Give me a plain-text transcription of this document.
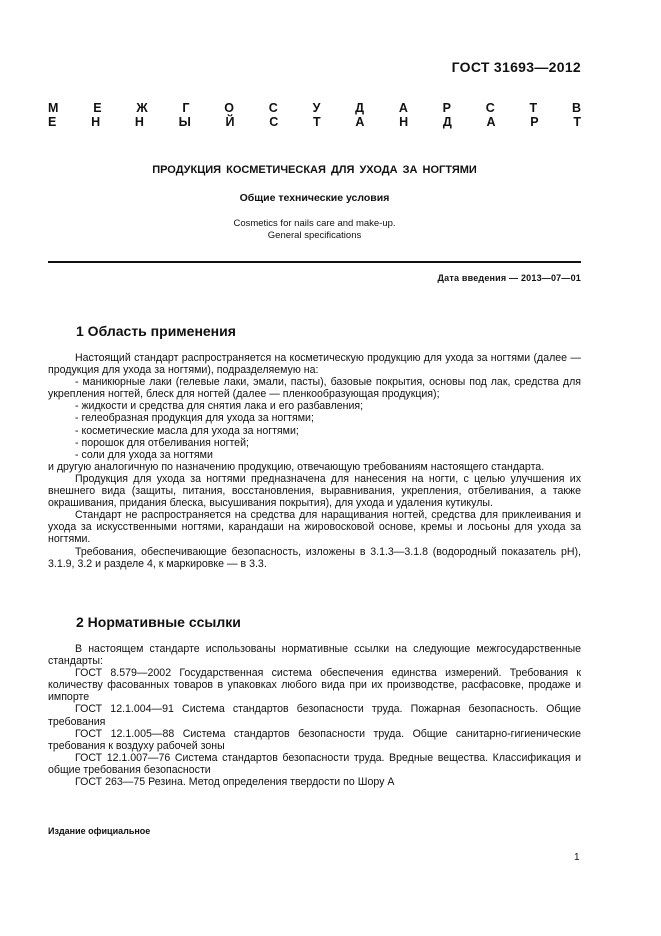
ГОСТ 31693—2012
М Е Ж Г О С У Д А Р С Т В Е Н Н Ы Й С Т А Н Д А Р Т
ПРОДУКЦИЯ КОСМЕТИЧЕСКАЯ ДЛЯ УХОДА ЗА НОГТЯМИ
Общие технические условия
Cosmetics for nails care and make-up.
General specifications
Дата введения — 2013—07—01
1 Область применения

Настоящий стандарт распространяется на косметическую продукцию для ухода за ногтями (далее — продукция для ухода за ногтями), подразделяемую на:

- маникюрные лаки (гелевые лаки, эмали, пасты), базовые покрытия, основы под лак, средства для укрепления ногтей, блеск для ногтей (далее — пленкообразующая продукция);

- жидкости и средства для снятия лака и его разбавления;

- гелеобразная продукция для ухода за ногтями;

- косметические масла для ухода за ногтями;

- порошок для отбеливания ногтей;

- соли для ухода за ногтями

и другую аналогичную по назначению продукцию, отвечающую требованиям настоящего стандарта.

Продукция для ухода за ногтями предназначена для нанесения на ногти, с целью улучшения их внешнего вида (защиты, питания, восстановления, выравнивания, укрепления, отбеливания, а также окрашивания, придания блеска, высушивания покрытия), для ухода и удаления кутикулы.

Стандарт не распространяется на средства для наращивания ногтей, средства для приклеивания и ухода за искусственными ногтями, карандаши на жировосковой основе, кремы и лосьоны для ухода за ногтями.

Требования, обеспечивающие безопасность, изложены в 3.1.3—3.1.8 (водородный показатель pH), 3.1.9, 3.2 и разделе 4, к маркировке — в 3.3.

2 Нормативные ссылки

В настоящем стандарте использованы нормативные ссылки на следующие межгосударственные стандарты:

ГОСТ 8.579—2002 Государственная система обеспечения единства измерений. Требования к количеству фасованных товаров в упаковках любого вида при их производстве, расфасовке, продаже и импорте

ГОСТ 12.1.004—91 Система стандартов безопасности труда. Пожарная безопасность. Общие требования

ГОСТ 12.1.005—88 Система стандартов безопасности труда. Общие санитарно-гигиенические требования к воздуху рабочей зоны

ГОСТ 12.1.007—76 Система стандартов безопасности труда. Вредные вещества. Классификация и общие требования безопасности

ГОСТ 263—75 Резина. Метод определения твердости по Шору А

Издание официальное
1
